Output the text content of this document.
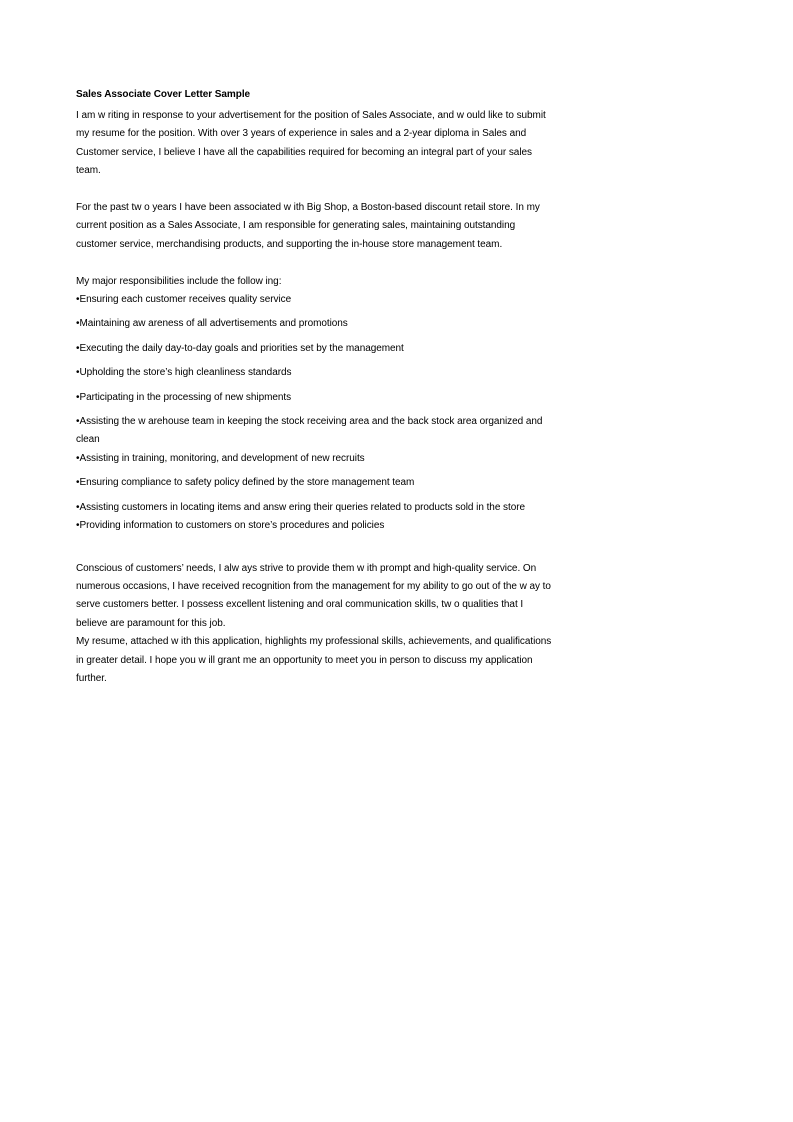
Sales Associate Cover Letter Sample

I am w riting in response to your advertisement for the position of Sales Associate, and w ould like to submit my resume for the position. With over 3 years of experience in sales and a 2-year diploma in Sales and Customer service, I believe I have all the capabilities required for becoming an integral part of your sales team.

For the past tw o years I have been associated w ith Big Shop, a Boston-based discount retail store. In my current position as a Sales Associate, I am responsible for generating sales, maintaining outstanding customer service, merchandising products, and supporting the in-house store management team.

My major responsibilities include the follow ing:

•Ensuring each customer receives quality service
•Maintaining aw areness of all advertisements and promotions
•Executing the daily day-to-day goals and priorities set by the management
•Upholding the store’s high cleanliness standards
•Participating in the processing of new shipments
•Assisting the w arehouse team in keeping the stock receiving area and the back stock area organized and clean
•Assisting in training, monitoring, and development of new recruits
•Ensuring compliance to safety policy defined by the store management team
•Assisting customers in locating items and answ ering their queries related to products sold in the store
•Providing information to customers on store’s procedures and policies

Conscious of customers’ needs, I alw ays strive to provide them w ith prompt and high-quality service. On numerous occasions, I have received recognition from the management for my ability to go out of the w ay to serve customers better. I possess excellent listening and oral communication skills, tw o qualities that I believe are paramount for this job.

My resume, attached w ith this application, highlights my professional skills, achievements, and qualifications in greater detail. I hope you w ill grant me an opportunity to meet you in person to discuss my application further.
